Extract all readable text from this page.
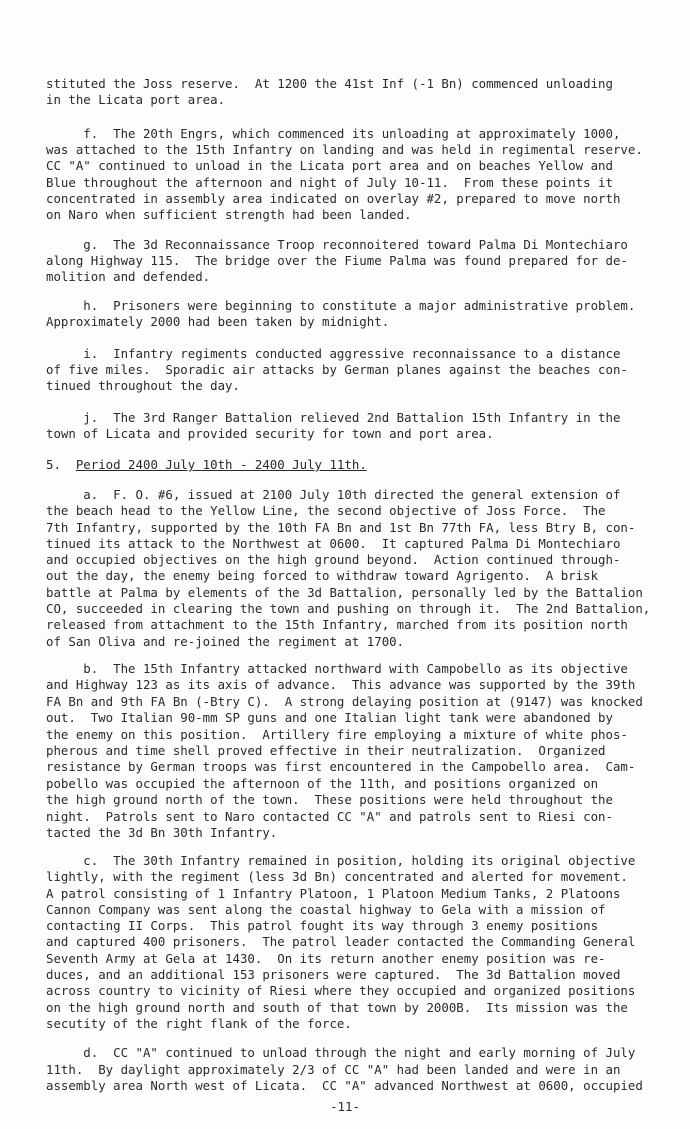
stituted the Joss reserve.  At 1200 the 41st Inf (-1 Bn) commenced unloading
in the Licata port area.

f.  The 20th Engrs, which commenced its unloading at approximately 1000,
was attached to the 15th Infantry on landing and was held in regimental reserve.
CC "A" continued to unload in the Licata port area and on beaches Yellow and
Blue throughout the afternoon and night of July 10-11.  From these points it
concentrated in assembly area indicated on overlay #2, prepared to move north
on Naro when sufficient strength had been landed.

g.  The 3d Reconnaissance Troop reconnoitered toward Palma Di Montechiaro
along Highway 115.  The bridge over the Fiume Palma was found prepared for de-
molition and defended.

h.  Prisoners were beginning to constitute a major administrative problem.
Approximately 2000 had been taken by midnight.

i.  Infantry regiments conducted aggressive reconnaissance to a distance
of five miles.  Sporadic air attacks by German planes against the beaches con-
tinued throughout the day.

j.  The 3rd Ranger Battalion relieved 2nd Battalion 15th Infantry in the
town of Licata and provided security for town and port area.

5. Period 2400 July 10th - 2400 July 11th.

a.  F. O. #6, issued at 2100 July 10th directed the general extension of
the beach head to the Yellow Line, the second objective of Joss Force.  The
7th Infantry, supported by the 10th FA Bn and 1st Bn 77th FA, less Btry B, con-
tinued its attack to the Northwest at 0600.  It captured Palma Di Montechiaro
and occupied objectives on the high ground beyond.  Action continued through-
out the day, the enemy being forced to withdraw toward Agrigento.  A brisk
battle at Palma by elements of the 3d Battalion, personally led by the Battalion
CO, succeeded in clearing the town and pushing on through it.  The 2nd Battalion,
released from attachment to the 15th Infantry, marched from its position north
of San Oliva and re-joined the regiment at 1700.

b.  The 15th Infantry attacked northward with Campobello as its objective
and Highway 123 as its axis of advance.  This advance was supported by the 39th
FA Bn and 9th FA Bn (-Btry C).  A strong delaying position at (9147) was knocked
out.  Two Italian 90-mm SP guns and one Italian light tank were abandoned by
the enemy on this position.  Artillery fire employing a mixture of white phos-
pherous and time shell proved effective in their neutralization.  Organized
resistance by German troops was first encountered in the Campobello area.  Cam-
pobello was occupied the afternoon of the 11th, and positions organized on
the high ground north of the town.  These positions were held throughout the
night.  Patrols sent to Naro contacted CC "A" and patrols sent to Riesi con-
tacted the 3d Bn 30th Infantry.

c.  The 30th Infantry remained in position, holding its original objective
lightly, with the regiment (less 3d Bn) concentrated and alerted for movement.
A patrol consisting of 1 Infantry Platoon, 1 Platoon Medium Tanks, 2 Platoons
Cannon Company was sent along the coastal highway to Gela with a mission of
contacting II Corps.  This patrol fought its way through 3 enemy positions
and captured 400 prisoners.  The patrol leader contacted the Commanding General
Seventh Army at Gela at 1430.  On its return another enemy position was re-
duces, and an additional 153 prisoners were captured.  The 3d Battalion moved
across country to vicinity of Riesi where they occupied and organized positions
on the high ground north and south of that town by 2000B.  Its mission was the
secutity of the right flank of the force.

d.  CC "A" continued to unload through the night and early morning of July
11th.  By daylight approximately 2/3 of CC "A" had been landed and were in an
assembly area North west of Licata.  CC "A" advanced Northwest at 0600, occupied

-11-
